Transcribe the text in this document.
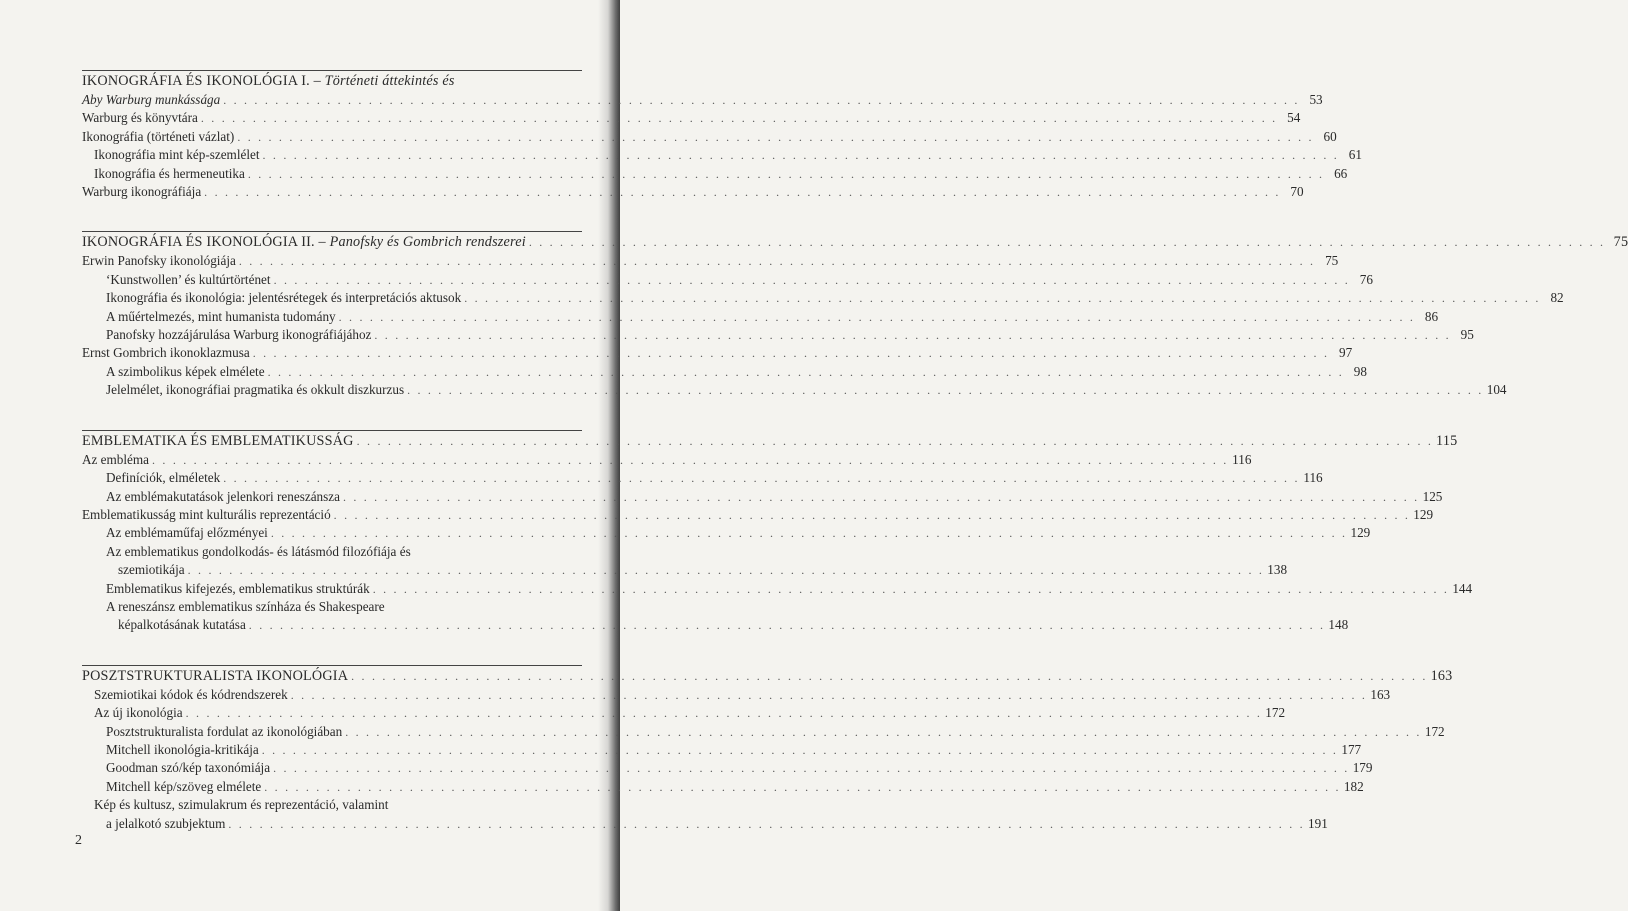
IKONOGRÁFIA ÉS IKONOLÓGIA I. – Történeti áttekintés és
Aby Warburg munkássága . . .	53
Warburg és könyvtára . . .	54
Ikonográfia (történeti vázlat) . . .	60
Ikonográfia mint kép-szemlélet . . .	61
Ikonográfia és hermeneutika . . .	66
Warburg ikonográfiája . . .	70
IKONOGRÁFIA ÉS IKONOLÓGIA II. – Panofsky és Gombrich rendszerei . . .	75
Erwin Panofsky ikonológiája . . .	75
‘Kunstwollen’ és kultúrtörténet . . .	76
Ikonográfia és ikonológia: jelentésrétegek és interpretációs aktusok . . .	82
A műértelmezés, mint humanista tudomány . . .	86
Panofsky hozzájárulása Warburg ikonográfiájához . . .	95
Ernst Gombrich ikonoklazmusa . . .	97
A szimbolikus képek elmélete . . .	98
Jelelmélet, ikonográfiai pragmatika és okkult diszkurzus . . .	104
EMBLEMATIKA ÉS EMBLEMATIKUSSÁG . . .	115
Az embléma . . .	116
Definíciók, elméletek . . .	116
Az emblémakutatások jelenkori reneszánsza . . .	125
Emblematikusság mint kulturális reprezentáció . . .	129
Az emblémaműfaj előzményei . . .	129
Az emblematikus gondolkodás- és látásmód filozófiája és
szemiotikája . . .	138
Emblematikus kifejezés, emblematikus struktúrák . . .	144
A reneszánsz emblematikus színháza és Shakespeare
képalkotásának kutatása . . .	148
POSZTSTRUKTURALISTA IKONOLÓGIA . . .	163
Szemiotikai kódok és kódrendszerek . . .	163
Az új ikonológia . . .	172
Posztstrukturalista fordulat az ikonológiában . . .	172
Mitchell ikonológia-kritikája . . .	177
Goodman szó/kép taxonómiája . . .	179
Mitchell kép/szöveg elmélete . . .	182
Kép és kultusz, szimulakrum és reprezentáció, valamint
a jelalkotó szubjektum . . .	191
2
